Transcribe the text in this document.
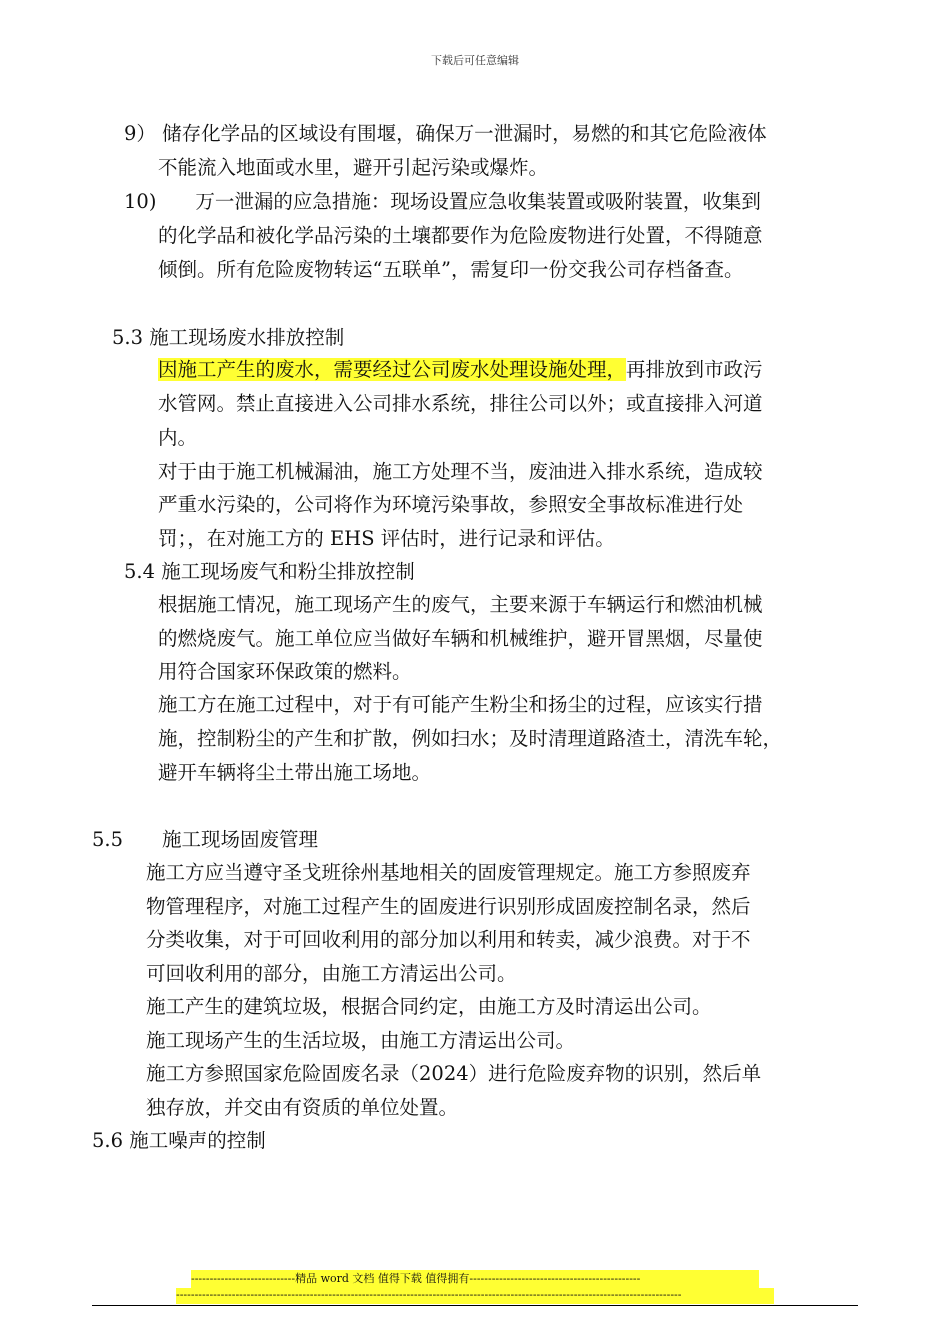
下载后可任意编辑
9） 储存化学品的区域设有围堰，确保万一泄漏时，易燃的和其它危险液体
不能流入地面或水里，避开引起污染或爆炸。
10)　　万一泄漏的应急措施：现场设置应急收集装置或吸附装置，收集到
的化学品和被化学品污染的土壤都要作为危险废物进行处置，不得随意
倾倒。所有危险废物转运“五联单”，需复印一份交我公司存档备查。
5.3 施工现场废水排放控制
因施工产生的废水，需要经过公司废水处理设施处理，再排放到市政污
水管网。禁止直接进入公司排水系统，排往公司以外；或直接排入河道
内。
对于由于施工机械漏油，施工方处理不当，废油进入排水系统，造成较
严重水污染的，公司将作为环境污染事故，参照安全事故标准进行处
罚；，在对施工方的 EHS 评估时，进行记录和评估。
5.4 施工现场废气和粉尘排放控制
根据施工情况，施工现场产生的废气，主要来源于车辆运行和燃油机械
的燃烧废气。施工单位应当做好车辆和机械维护，避开冒黑烟，尽量使
用符合国家环保政策的燃料。
施工方在施工过程中，对于有可能产生粉尘和扬尘的过程，应该实行措
施，控制粉尘的产生和扩散，例如扫水；及时清理道路渣土，清洗车轮，
避开车辆将尘土带出施工场地。
5.5　　施工现场固废管理
施工方应当遵守圣戈班徐州基地相关的固废管理规定。施工方参照废弃
物管理程序，对施工过程产生的固废进行识别形成固废控制名录，然后
分类收集，对于可回收利用的部分加以利用和转卖，减少浪费。对于不
可回收利用的部分，由施工方清运出公司。
施工产生的建筑垃圾，根据合同约定，由施工方及时清运出公司。
施工现场产生的生活垃圾，由施工方清运出公司。
施工方参照国家危险固废名录（2024）进行危险废弃物的识别，然后单
独存放，并交由有资质的单位处置。
5.6 施工噪声的控制
----------------------------精品 word 文档 值得下载 值得拥有----------------------------------------------
----------------------------------------------------------------------------------------------------------------------------------------
